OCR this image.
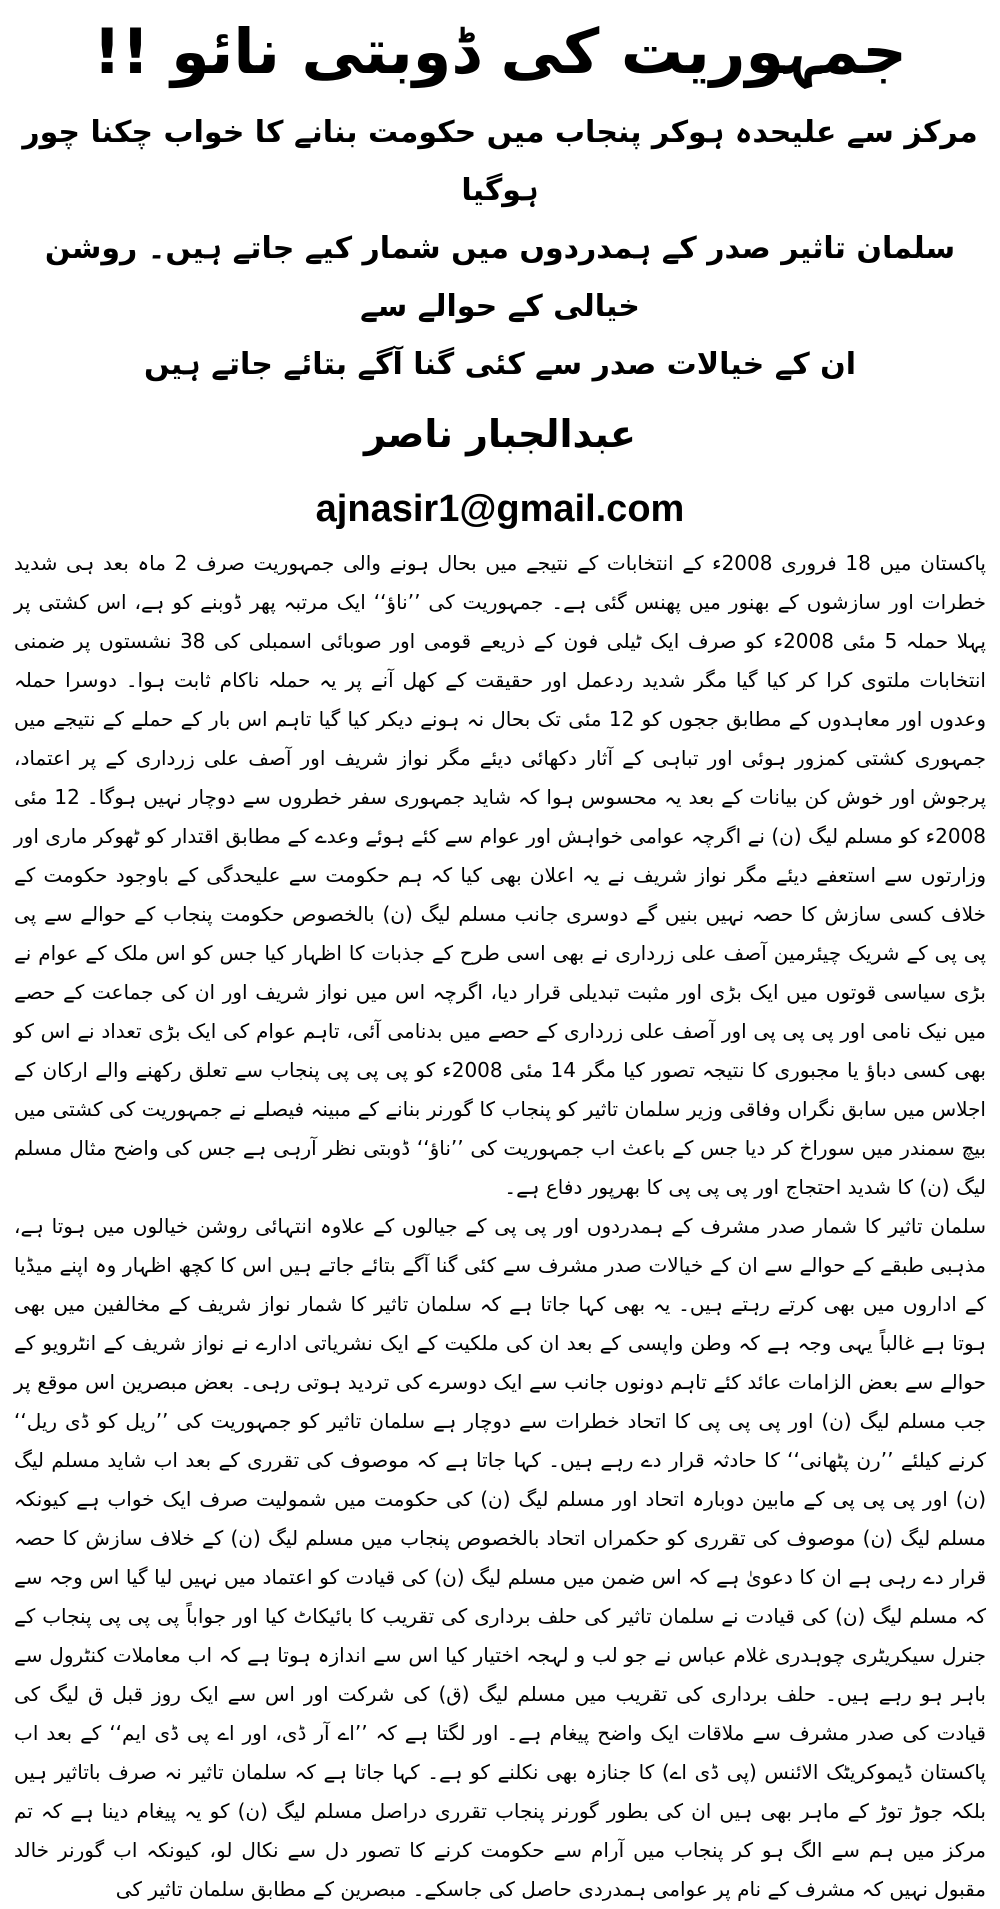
جمہوریت کی ڈوبتی نائو !!

مرکز سے علیحدہ ہوکر پنجاب میں حکومت بنانے کا خواب چکنا چور ہوگیا

سلمان تاثیر صدر کے ہمدردوں میں شمار کیے جاتے ہیں۔ روشن خیالی کے حوالے سے

ان کے خیالات صدر سے کئی گنا آگے بتائے جاتے ہیں

عبدالجبار ناصر

ajnasir1@gmail.com

پاکستان میں 18 فروری 2008ء کے انتخابات کے نتیجے میں بحال ہونے والی جمہوریت صرف 2 ماہ بعد ہی شدید خطرات اور سازشوں کے بھنور میں پھنس گئی ہے۔ جمہوریت کی ’’ناؤ‘‘ ایک مرتبہ پھر ڈوبنے کو ہے، اس کشتی پر پہلا حملہ 5 مئی 2008ء کو صرف ایک ٹیلی فون کے ذریعے قومی اور صوبائی اسمبلی کی 38 نشستوں پر ضمنی انتخابات ملتوی کرا کر کیا گیا مگر شدید ردعمل اور حقیقت کے کھل آنے پر یہ حملہ ناکام ثابت ہوا۔ دوسرا حملہ وعدوں اور معاہدوں کے مطابق ججوں کو 12 مئی تک بحال نہ ہونے دیکر کیا گیا تاہم اس بار کے حملے کے نتیجے میں جمہوری کشتی کمزور ہوئی اور تباہی کے آثار دکھائی دیئے مگر نواز شریف اور آصف علی زرداری کے پر اعتماد، پرجوش اور خوش کن بیانات کے بعد یہ محسوس ہوا کہ شاید جمہوری سفر خطروں سے دوچار نہیں ہوگا۔ 12 مئی 2008ء کو مسلم لیگ (ن) نے اگرچہ عوامی خواہش اور عوام سے کئے ہوئے وعدے کے مطابق اقتدار کو ٹھوکر ماری اور وزارتوں سے استعفے دیئے مگر نواز شریف نے یہ اعلان بھی کیا کہ ہم حکومت سے علیحدگی کے باوجود حکومت کے خلاف کسی سازش کا حصہ نہیں بنیں گے دوسری جانب مسلم لیگ (ن) بالخصوص حکومت پنجاب کے حوالے سے پی پی پی کے شریک چیئرمین آصف علی زرداری نے بھی اسی طرح کے جذبات کا اظہار کیا جس کو اس ملک کے عوام نے بڑی سیاسی قوتوں میں ایک بڑی اور مثبت تبدیلی قرار دیا، اگرچہ اس میں نواز شریف اور ان کی جماعت کے حصے میں نیک نامی اور پی پی پی اور آصف علی زرداری کے حصے میں بدنامی آئی، تاہم عوام کی ایک بڑی تعداد نے اس کو بھی کسی دباؤ یا مجبوری کا نتیجہ تصور کیا مگر 14 مئی 2008ء کو پی پی پی پنجاب سے تعلق رکھنے والے ارکان کے اجلاس میں سابق نگراں وفاقی وزیر سلمان تاثیر کو پنجاب کا گورنر بنانے کے مبینہ فیصلے نے جمہوریت کی کشتی میں بیچ سمندر میں سوراخ کر دیا جس کے باعث اب جمہوریت کی ’’ناؤ‘‘ ڈوبتی نظر آرہی ہے جس کی واضح مثال مسلم لیگ (ن) کا شدید احتجاج اور پی پی پی کا بھرپور دفاع ہے۔

سلمان تاثیر کا شمار صدر مشرف کے ہمدردوں اور پی پی کے جیالوں کے علاوہ انتہائی روشن خیالوں میں ہوتا ہے، مذہبی طبقے کے حوالے سے ان کے خیالات صدر مشرف سے کئی گنا آگے بتائے جاتے ہیں اس کا کچھ اظہار وہ اپنے میڈیا کے اداروں میں بھی کرتے رہتے ہیں۔ یہ بھی کہا جاتا ہے کہ سلمان تاثیر کا شمار نواز شریف کے مخالفین میں بھی ہوتا ہے غالباً یہی وجہ ہے کہ وطن واپسی کے بعد ان کی ملکیت کے ایک نشریاتی ادارے نے نواز شریف کے انٹرویو کے حوالے سے بعض الزامات عائد کئے تاہم دونوں جانب سے ایک دوسرے کی تردید ہوتی رہی۔ بعض مبصرین اس موقع پر جب مسلم لیگ (ن) اور پی پی پی کا اتحاد خطرات سے دوچار ہے سلمان تاثیر کو جمہوریت کی ’’ریل کو ڈی ریل‘‘ کرنے کیلئے ’’رن پٹھانی‘‘ کا حادثہ قرار دے رہے ہیں۔ کہا جاتا ہے کہ موصوف کی تقرری کے بعد اب شاید مسلم لیگ (ن) اور پی پی پی کے مابین دوبارہ اتحاد اور مسلم لیگ (ن) کی حکومت میں شمولیت صرف ایک خواب ہے کیونکہ مسلم لیگ (ن) موصوف کی تقرری کو حکمراں اتحاد بالخصوص پنجاب میں مسلم لیگ (ن) کے خلاف سازش کا حصہ قرار دے رہی ہے ان کا دعویٰ ہے کہ اس ضمن میں مسلم لیگ (ن) کی قیادت کو اعتماد میں نہیں لیا گیا اس وجہ سے کہ مسلم لیگ (ن) کی قیادت نے سلمان تاثیر کی حلف برداری کی تقریب کا بائیکاٹ کیا اور جواباً پی پی پی پنجاب کے جنرل سیکریٹری چوہدری غلام عباس نے جو لب و لہجہ اختیار کیا اس سے اندازہ ہوتا ہے کہ اب معاملات کنٹرول سے باہر ہو رہے ہیں۔ حلف برداری کی تقریب میں مسلم لیگ (ق) کی شرکت اور اس سے ایک روز قبل ق لیگ کی قیادت کی صدر مشرف سے ملاقات ایک واضح پیغام ہے۔ اور لگتا ہے کہ ’’اے آر ڈی، اور اے پی ڈی ایم‘‘ کے بعد اب پاکستان ڈیموکریٹک الائنس (پی ڈی اے) کا جنازہ بھی نکلنے کو ہے۔ کہا جاتا ہے کہ سلمان تاثیر نہ صرف باتاثیر ہیں بلکہ جوڑ توڑ کے ماہر بھی ہیں ان کی بطور گورنر پنجاب تقرری دراصل مسلم لیگ (ن) کو یہ پیغام دینا ہے کہ تم مرکز میں ہم سے الگ ہو کر پنجاب میں آرام سے حکومت کرنے کا تصور دل سے نکال لو، کیونکہ اب گورنر خالد مقبول نہیں کہ مشرف کے نام پر عوامی ہمدردی حاصل کی جاسکے۔ مبصرین کے مطابق سلمان تاثیر کی
